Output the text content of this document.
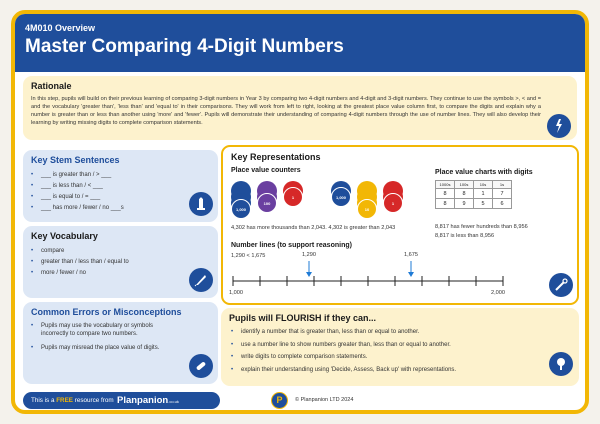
4M010 Overview
Master Comparing 4-Digit Numbers
Rationale
In this step, pupils will build on their previous learning of comparing 3-digit numbers in Year 3 by comparing two 4-digit numbers and 4-digit and 3-digit numbers. They continue to use the symbols >, < and = and the vocabulary 'greater than', 'less than' and 'equal to' in their comparisons. They will work from left to right, looking at the greatest place value column first, to compare the digits and explain why a number is greater than or less than another using 'more' and 'fewer'. Pupils will demonstrate their understanding of comparing 4-digit numbers through the use of number lines. They will also develop their learning by writing missing digits to complete comparison statements.
Key Stem Sentences
• ___ is greater than / > ___
• ___ is less than / < ___
• ___ is equal to / = ___
• ___ has more / fewer / no ___s
Key Vocabulary
• compare
• greater than / less than / equal to
• more / fewer / no
Common Errors or Misconceptions
• Pupils may use the vocabulary or symbols incorrectly to compare two numbers.
• Pupils may misread the place value of digits.
Key Representations
Place value counters
1,000
100
1	1,000
10
1
4,302 has more thousands than 2,043. 4,302 is greater than 2,043
Place value charts with digits
1000s	100s	10s	1s
8	8	1	7
8	9	5	6
8,817 has fewer hundreds than 8,956
8,817 is less than 8,956
Number lines (to support reasoning)
1,290 < 1,675	1,290	1,675
1,000	2,000
Pupils will FLOURISH if they can...
• identify a number that is greater than, less than or equal to another.
• use a number line to show numbers greater than, less than or equal to another.
• write digits to complete comparison statements.
• explain their understanding using 'Decide, Assess, Back up' with representations.
This is a FREE resource from Planpanion.co.uk	P	© Planpanion LTD 2024
